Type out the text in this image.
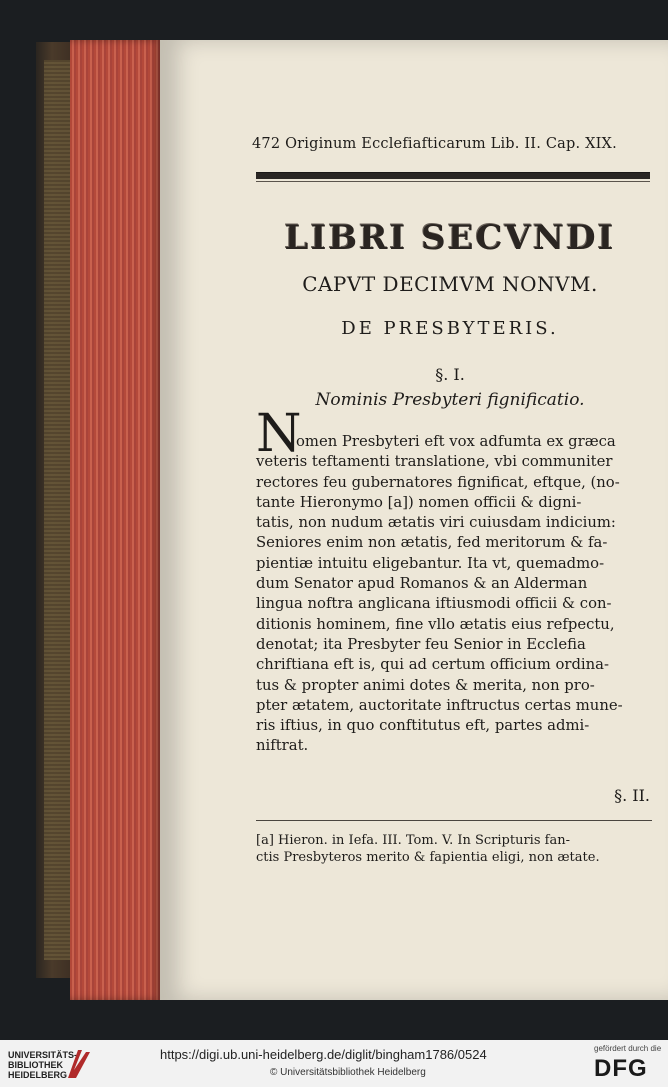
472 Originum Ecclefiafticarum Lib. II. Cap. XIX.
LIBRI SECVNDI
CAPVT DECIMVM NONVM.
DE PRESBYTERIS.
§. I.
Nominis Presbyteri fignificatio.
N
omen Presbyteri eft vox adfumta ex græca
veteris teftamenti translatione, vbi communiter
rectores feu gubernatores fignificat, eftque, (no-
tante Hieronymo [a]) nomen officii & digni-
tatis, non nudum ætatis viri cuiusdam indicium:
Seniores enim non ætatis, fed meritorum & fa-
pientiæ intuitu eligebantur. Ita vt, quemadmo-
dum Senator apud Romanos & an Alderman
lingua noftra anglicana iftiusmodi officii & con-
ditionis hominem, fine vllo ætatis eius refpectu,
denotat; ita Presbyter feu Senior in Ecclefia
chriftiana eft is, qui ad certum officium ordina-
tus & propter animi dotes & merita, non pro-
pter ætatem, auctoritate inftructus certas mune-
ris iftius, in quo conftitutus eft, partes admi-
niftrat.
§. II.
[a] Hieron. in Iefa. III. Tom. V. In Scripturis fan-
ctis Presbyteros merito & fapientia eligi, non ætate.
UNIVERSITÄTS-
BIBLIOTHEK
HEIDELBERG
https://digi.ub.uni-heidelberg.de/diglit/bingham1786/0524
© Universitätsbibliothek Heidelberg
gefördert durch die
DFG
